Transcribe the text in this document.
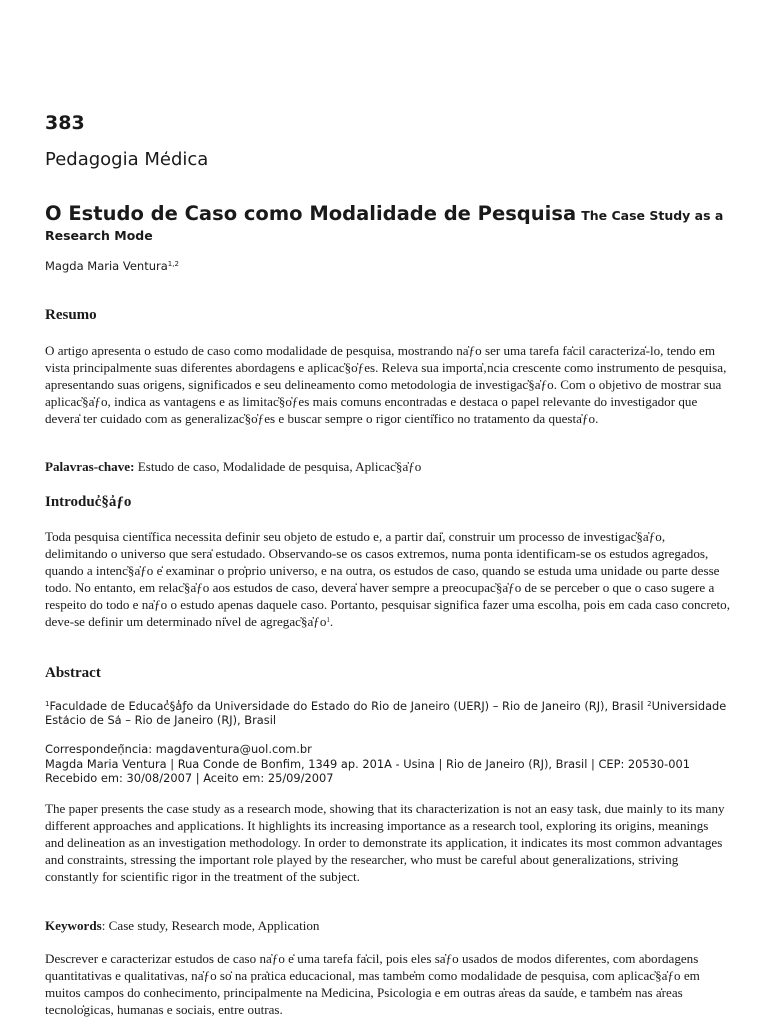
383
Pedagogia Me̒dica
O Estudo de Caso como Modalidade de Pesquisa The Case Study as a Research Mode
Magda Maria Ventura$^{1,2}$
Resumo
O artigo apresenta o estudo de caso como modalidade de pesquisa, mostrando na̓ƒo ser uma tarefa fa̒cil caracteriza̒-lo, tendo em vista principalmente suas diferentes abordagens e aplicac̓§o̓ƒes. Releva sua importa̓‚ncia crescente como instrumento de pesquisa, apresentando suas origens, significados e seu delineamento como metodologia de investigac̓§a̓ƒo. Com o objetivo de mostrar sua aplicac̓§a̓ƒo, indica as vantagens e as limitac̓§o̓ƒes mais comuns encontradas e destaca o papel relevante do investigador que devera̒ ter cuidado com as generalizac̓§o̓ƒes e buscar sempre o rigor cienti̒fico no tratamento da questa̓ƒo.
Palavras-chave: Estudo de caso, Modalidade de pesquisa, Aplicac̓§a̓ƒo
Introduc̓§a̓ƒo
Toda pesquisa cienti̒fica necessita definir seu objeto de estudo e, a partir dai̒, construir um processo de investigac̓§a̓ƒo, delimitando o universo que sera̒ estudado. Observando-se os casos extremos, numa ponta identificam-se os estudos agregados, quando a intenc̓§a̓ƒo e̒ examinar o pro̒prio universo, e na outra, os estudos de caso, quando se estuda uma unidade ou parte desse todo. No entanto, em relac̓§a̓ƒo aos estudos de caso, devera̒ haver sempre a preocupac̓§a̓ƒo de se perceber o que o caso sugere a respeito do todo e na̓ƒo o estudo apenas daquele caso. Portanto, pesquisar significa fazer uma escolha, pois em cada caso concreto, deve-se definir um determinado ni̒vel de $agregac̓\S a̓ƒo^1$.
Abstract
$^1$Faculdade de Educac̓§a̓ƒo da Universidade do Estado do Rio de Janeiro (UERJ) – Rio de Janeiro (RJ), Brasil $^2$Universidade Esta̒cio de Sa̒ – Rio de Janeiro (RJ), Brasil
Correspondeṇ̃ncia: magdaventura@uol.com.br
Magda Maria Ventura | Rua Conde de Bonfim, 1349 ap. 201A - Usina | Rio de Janeiro (RJ), Brasil | CEP: 20530-001 Recebido em: 30/08/2007 | Aceito em: 25/09/2007
The paper presents the case study as a research mode, showing that its characterization is not an easy task, due mainly to its many different approaches and applications. It highlights its increasing importance as a research tool, exploring its origins, meanings and delineation as an investigation methodology. In order to demonstrate its application, it indicates its most common advantages and constraints, stressing the important role played by the researcher, who must be careful about generalizations, striving constantly for scientific rigor in the treatment of the subject.
Keywords: Case study, Research mode, Application
Descrever e caracterizar estudos de caso na̓ƒo e̒ uma tarefa fa̒cil, pois eles sa̓ƒo usados de modos diferentes, com abordagens quantitativas e qualitativas, na̓ƒo so̒ na pra̒tica educacional, mas tambe̒m como modalidade de pesquisa, com aplicac̓§a̓ƒo em muitos campos do conhecimento, principalmente na Medicina, Psicologia e em outras a̒reas da sau̒de, e tambe̒m nas a̒reas tecnolo̒gicas, humanas e sociais, entre outras.
